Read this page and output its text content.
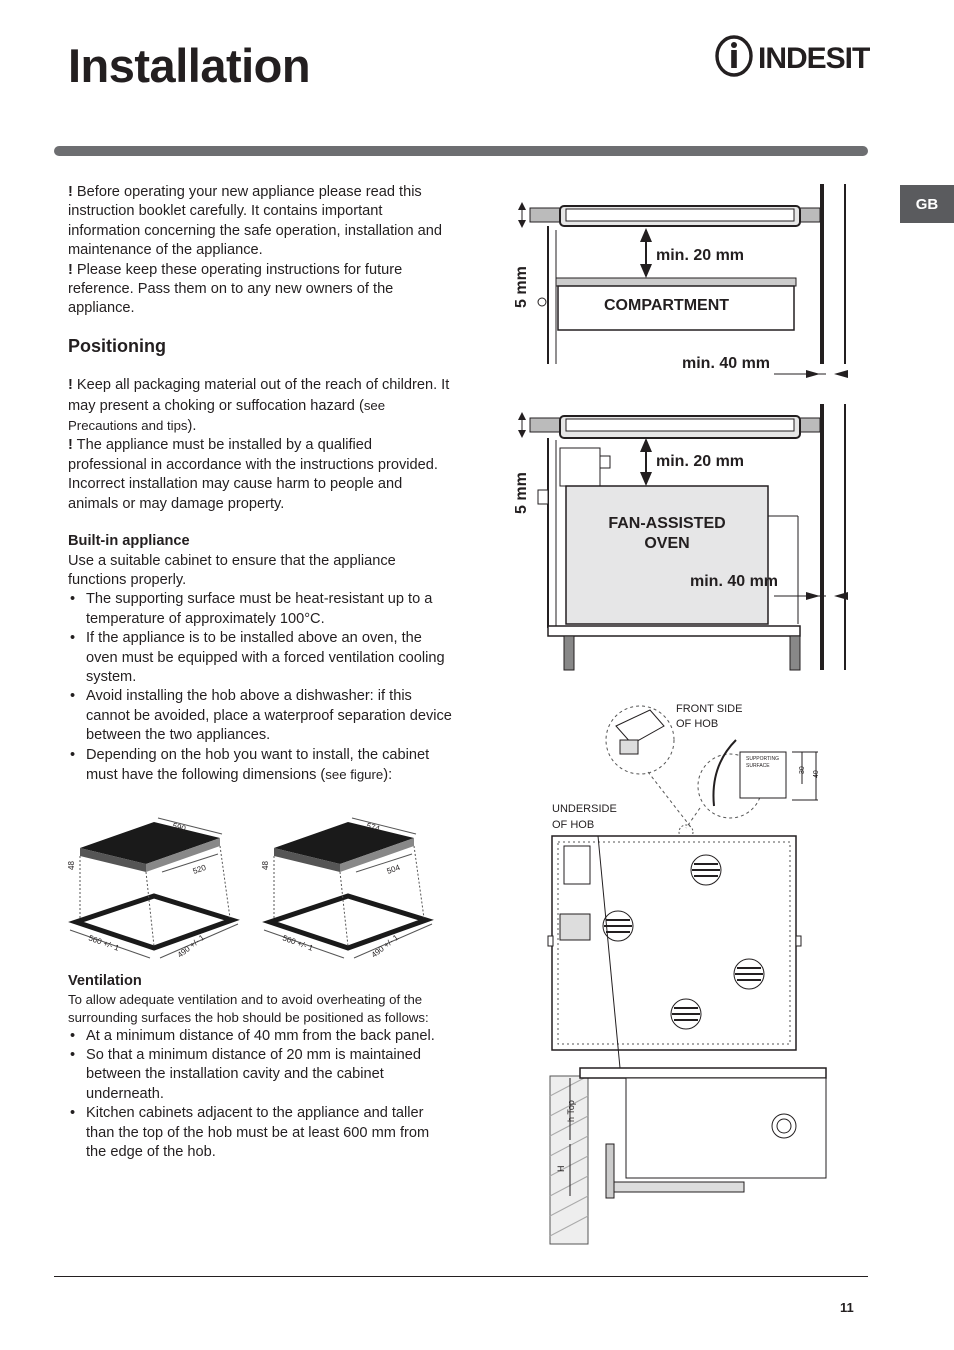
Installation	INDESIT
GB

! Before operating your new appliance please read this instruction booklet carefully. It contains important information concerning the safe operation, installation and maintenance of the appliance.

! Please keep these operating instructions for future reference. Pass them on to any new owners of the appliance.

Positioning

! Keep all packaging material out of the reach of children. It may present a choking or suffocation hazard (see Precautions and tips).

! The appliance must be installed by a qualified professional in accordance with the instructions provided. Incorrect installation may cause harm to people and animals or may damage property.

Built-in appliance

Use a suitable cabinet to ensure that the appliance functions properly.

• The supporting surface must be heat-resistant up to a temperature of approximately 100°C.
• If the appliance is to be installed above an oven, the oven must be equipped with a forced ventilation cooling system.
• Avoid installing the hob above a dishwasher: if this cannot be avoided, place a waterproof separation device between the two appliances.
• Depending on the hob you want to install, the cabinet must have the following dimensions (see figure):
590
520
48
560 +/- 1	490 +/- 1
574
504
48
560 +/- 1	490 +/- 1
Ventilation

To allow adequate ventilation and to avoid overheating of the surrounding surfaces the hob should be positioned as follows:

• At a minimum distance of 40 mm from the back panel.
• So that a minimum distance of 20 mm is maintained between the installation cavity and the cabinet underneath.
• Kitchen cabinets adjacent to the appliance and taller than the top of the hob must be at least 600 mm from the edge of the hob.
min. 20 mm
min. 40 mm
5 mm	COMPARTMENT
min. 20 mm
min. 40 mm
5 mm
FAN-ASSISTED
OVEN
FRONT SIDE
OF HOB
SUPPORTING
SURFACE
30
40
UNDERSIDE
OF HOB
h Top
H
11
